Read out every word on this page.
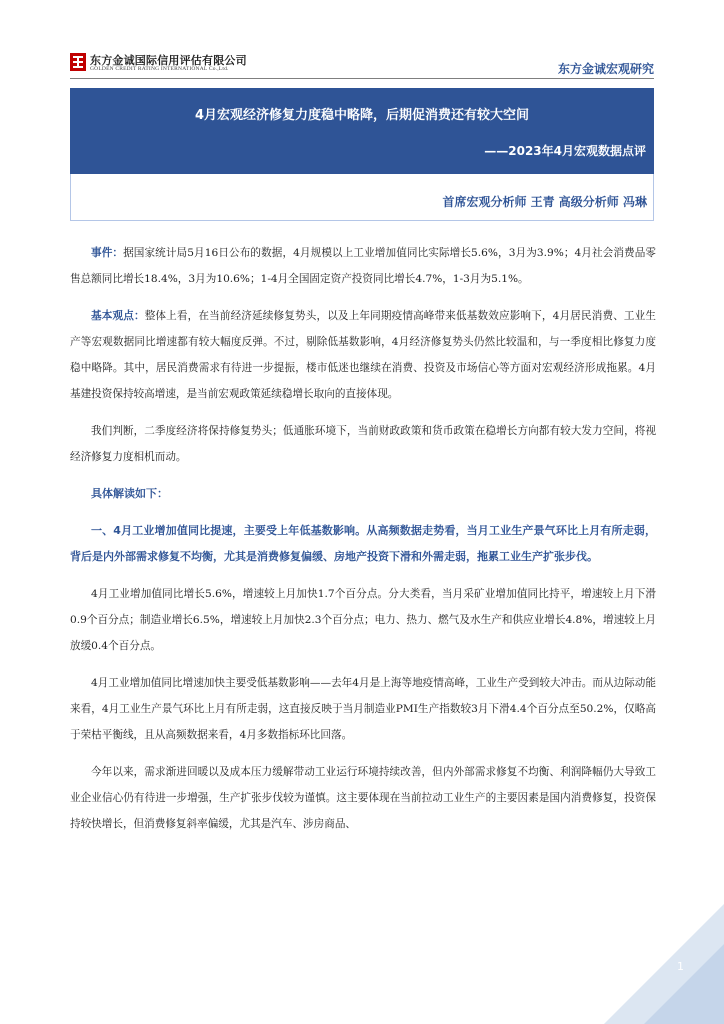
东方金诚国际信用评估有限公司
GOLDEN CREDIT RATING INTERNATIONAL Co.,Ltd.	东方金诚宏观研究
4月宏观经济修复力度稳中略降，后期促消费还有较大空间
——2023年4月宏观数据点评
首席宏观分析师 王青 高级分析师 冯琳

事件：据国家统计局5月16日公布的数据，4月规模以上工业增加值同比实际增长5.6%，3月为3.9%；4月社会消费品零售总额同比增长18.4%，3月为10.6%；1-4月全国固定资产投资同比增长4.7%，1-3月为5.1%。

基本观点：整体上看，在当前经济延续修复势头，以及上年同期疫情高峰带来低基数效应影响下，4月居民消费、工业生产等宏观数据同比增速都有较大幅度反弹。不过，剔除低基数影响，4月经济修复势头仍然比较温和，与一季度相比修复力度稳中略降。其中，居民消费需求有待进一步提振，楼市低迷也继续在消费、投资及市场信心等方面对宏观经济形成拖累。4月基建投资保持较高增速，是当前宏观政策延续稳增长取向的直接体现。

我们判断，二季度经济将保持修复势头；低通胀环境下，当前财政政策和货币政策在稳增长方向都有较大发力空间，将视经济修复力度相机而动。

具体解读如下：

一、4月工业增加值同比提速，主要受上年低基数影响。从高频数据走势看，当月工业生产景气环比上月有所走弱，背后是内外部需求修复不均衡，尤其是消费修复偏缓、房地产投资下滑和外需走弱，拖累工业生产扩张步伐。

4月工业增加值同比增长5.6%，增速较上月加快1.7个百分点。分大类看，当月采矿业增加值同比持平，增速较上月下滑0.9个百分点；制造业增长6.5%，增速较上月加快2.3个百分点；电力、热力、燃气及水生产和供应业增长4.8%，增速较上月放缓0.4个百分点。

4月工业增加值同比增速加快主要受低基数影响——去年4月是上海等地疫情高峰，工业生产受到较大冲击。而从边际动能来看，4月工业生产景气环比上月有所走弱，这直接反映于当月制造业PMI生产指数较3月下滑4.4个百分点至50.2%，仅略高于荣枯平衡线，且从高频数据来看，4月多数指标环比回落。

今年以来，需求渐进回暖以及成本压力缓解带动工业运行环境持续改善，但内外部需求修复不均衡、利润降幅仍大导致工业企业信心仍有待进一步增强，生产扩张步伐较为谨慎。这主要体现在当前拉动工业生产的主要因素是国内消费修复，投资保持较快增长，但消费修复斜率偏缓，尤其是汽车、涉房商品、

1
